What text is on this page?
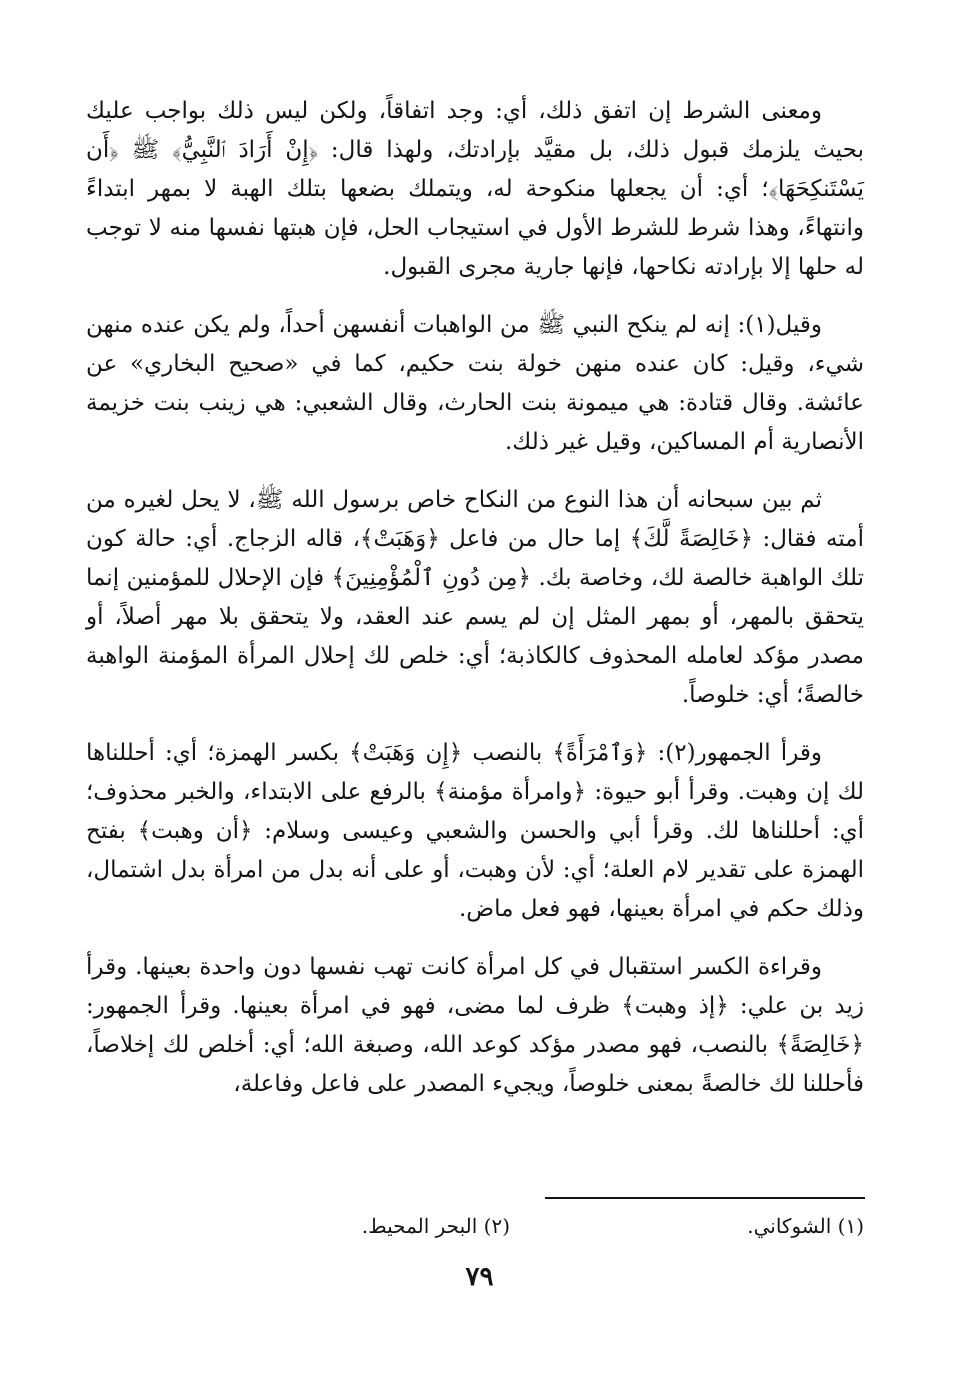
ومعنى الشرط إن اتفق ذلك، أي: وجد اتفاقاً، ولكن ليس ذلك بواجب عليك بحيث يلزمك قبول ذلك، بل مقيَّد بإرادتك، ولهذا قال: ﴿إِنْ أَرَادَ ٱلنَّبِيُّ﴾ ﷺ ﴿أَن يَسْتَنكِحَهَا﴾؛ أي: أن يجعلها منكوحة له، ويتملك بضعها بتلك الهبة لا بمهر ابتداءً وانتهاءً، وهذا شرط للشرط الأول في استيجاب الحل، فإن هبتها نفسها منه لا توجب له حلها إلا بإرادته نكاحها، فإنها جارية مجرى القبول.

وقيل(١): إنه لم ينكح النبي ﷺ من الواهبات أنفسهن أحداً، ولم يكن عنده منهن شيء، وقيل: كان عنده منهن خولة بنت حكيم، كما في «صحيح البخاري» عن عائشة. وقال قتادة: هي ميمونة بنت الحارث، وقال الشعبي: هي زينب بنت خزيمة الأنصارية أم المساكين، وقيل غير ذلك.

ثم بين سبحانه أن هذا النوع من النكاح خاص برسول الله ﷺ، لا يحل لغيره من أمته فقال: ﴿خَالِصَةً لَّكَ﴾ إما حال من فاعل ﴿وَهَبَتْ﴾، قاله الزجاج. أي: حالة كون تلك الواهبة خالصة لك، وخاصة بك. ﴿مِن دُونِ ٱلْمُؤْمِنِينَ﴾ فإن الإحلال للمؤمنين إنما يتحقق بالمهر، أو بمهر المثل إن لم يسم عند العقد، ولا يتحقق بلا مهر أصلاً، أو مصدر مؤكد لعامله المحذوف كالكاذبة؛ أي: خلص لك إحلال المرأة المؤمنة الواهبة خالصةً؛ أي: خلوصاً.

وقرأ الجمهور(٢): ﴿وَٱمْرَأَةً﴾ بالنصب ﴿إِن وَهَبَتْ﴾ بكسر الهمزة؛ أي: أحللناها لك إن وهبت. وقرأ أبو حيوة: ﴿وامرأة مؤمنة﴾ بالرفع على الابتداء، والخبر محذوف؛ أي: أحللناها لك. وقرأ أبي والحسن والشعبي وعيسى وسلام: ﴿أن وهبت﴾ بفتح الهمزة على تقدير لام العلة؛ أي: لأن وهبت، أو على أنه بدل من امرأة بدل اشتمال، وذلك حكم في امرأة بعينها، فهو فعل ماض.

وقراءة الكسر استقبال في كل امرأة كانت تهب نفسها دون واحدة بعينها. وقرأ زيد بن علي: ﴿إذ وهبت﴾ ظرف لما مضى، فهو في امرأة بعينها. وقرأ الجمهور: ﴿خَالِصَةً﴾ بالنصب، فهو مصدر مؤكد كوعد الله، وصبغة الله؛ أي: أخلص لك إخلاصاً، فأحللنا لك خالصةً بمعنى خلوصاً، ويجيء المصدر على فاعل وفاعلة،

(١) الشوكاني.
(٢) البحر المحيط.
٧٩
